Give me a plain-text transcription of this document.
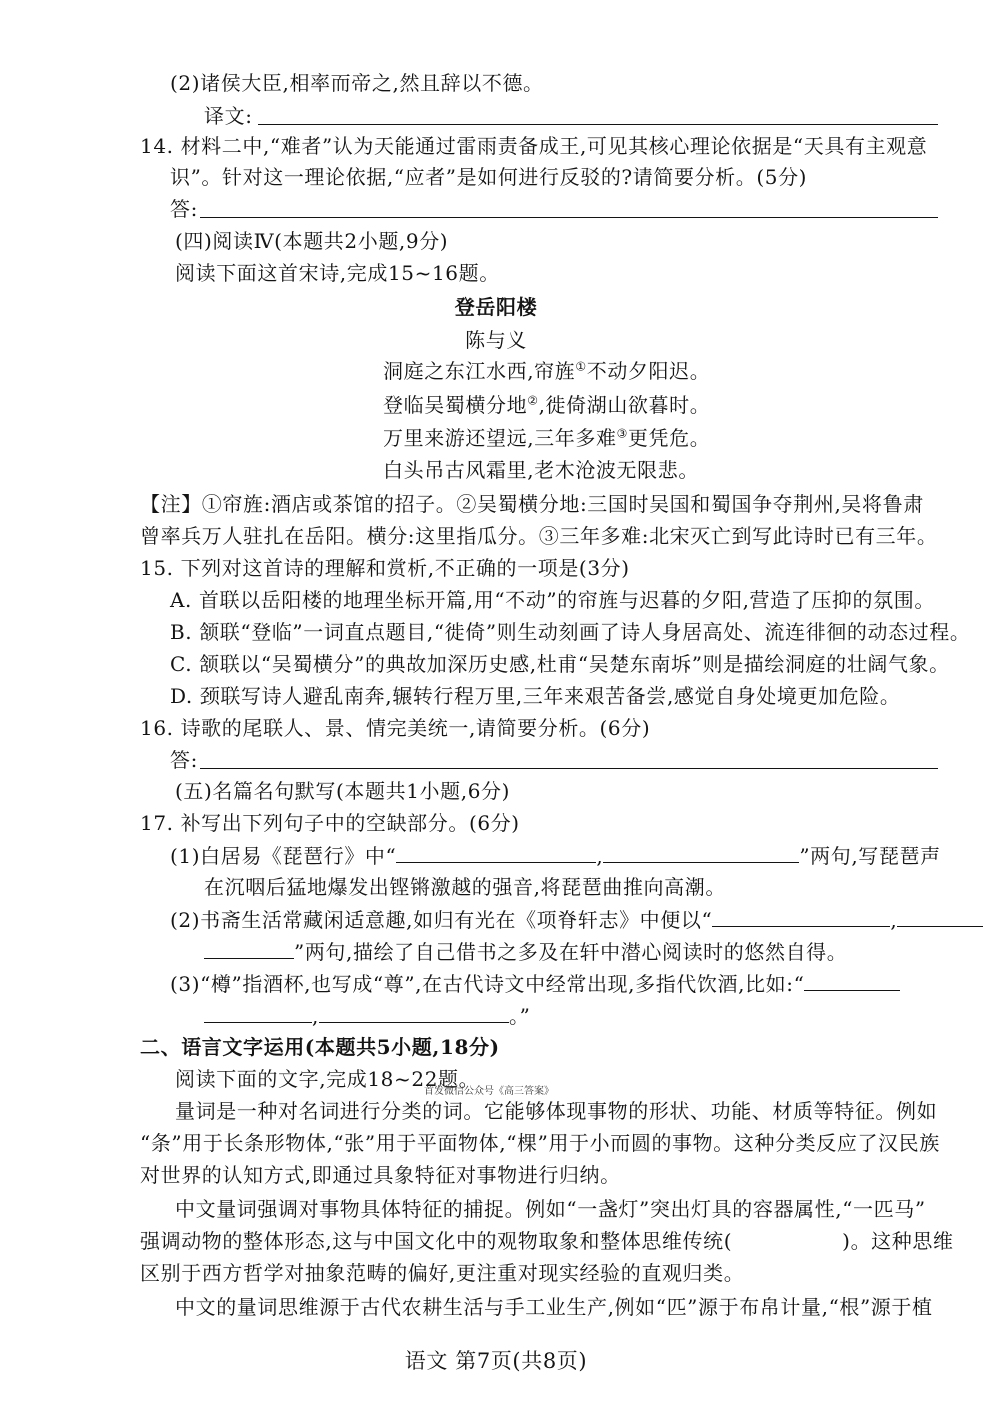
(2)诸侯大臣,相率而帝之,然且辞以不德。
译文:
14. 材料二中,“难者”认为天能通过雷雨责备成王,可见其核心理论依据是“天具有主观意
识”。针对这一理论依据,“应者”是如何进行反驳的?请简要分析。(5分)
答:
(四)阅读Ⅳ(本题共2小题,9分)
阅读下面这首宋诗,完成15~16题。
登岳阳楼
陈与义
洞庭之东江水西,帘旌①不动夕阳迟。
登临吴蜀横分地②,徙倚湖山欲暮时。
万里来游还望远,三年多难③更凭危。
白头吊古风霜里,老木沧波无限悲。
【注】①帘旌:酒店或茶馆的招子。②吴蜀横分地:三国时吴国和蜀国争夺荆州,吴将鲁肃
曾率兵万人驻扎在岳阳。横分:这里指瓜分。③三年多难:北宋灭亡到写此诗时已有三年。
15. 下列对这首诗的理解和赏析,不正确的一项是(3分)
A. 首联以岳阳楼的地理坐标开篇,用“不动”的帘旌与迟暮的夕阳,营造了压抑的氛围。
B. 颔联“登临”一词直点题目,“徙倚”则生动刻画了诗人身居高处、流连徘徊的动态过程。
C. 颔联以“吴蜀横分”的典故加深历史感,杜甫“吴楚东南坼”则是描绘洞庭的壮阔气象。
D. 颈联写诗人避乱南奔,辗转行程万里,三年来艰苦备尝,感觉自身处境更加危险。
16. 诗歌的尾联人、景、情完美统一,请简要分析。(6分)
答:
(五)名篇名句默写(本题共1小题,6分)
17. 补写出下列句子中的空缺部分。(6分)
(1)白居易《琵琶行》中“	,	”两句,写琵琶声
在沉咽后猛地爆发出铿锵激越的强音,将琵琶曲推向高潮。
(2)书斋生活常藏闲适意趣,如归有光在《项脊轩志》中便以“	,
”两句,描绘了自己借书之多及在轩中潜心阅读时的悠然自得。
(3)“樽”指酒杯,也写成“尊”,在古代诗文中经常出现,多指代饮酒,比如:“
,	。”
二、语言文字运用(本题共5小题,18分)
阅读下面的文字,完成18~22题。
首发微信公众号《高三答案》
量词是一种对名词进行分类的词。它能够体现事物的形状、功能、材质等特征。例如
“条”用于长条形物体,“张”用于平面物体,“棵”用于小而圆的事物。这种分类反应了汉民族
对世界的认知方式,即通过具象特征对事物进行归纳。
中文量词强调对事物具体特征的捕捉。例如“一盏灯”突出灯具的容器属性,“一匹马”
强调动物的整体形态,这与中国文化中的观物取象和整体思维传统(	)。这种思维
区别于西方哲学对抽象范畴的偏好,更注重对现实经验的直观归类。
中文的量词思维源于古代农耕生活与手工业生产,例如“匹”源于布帛计量,“根”源于植
语文 第7页(共8页)
